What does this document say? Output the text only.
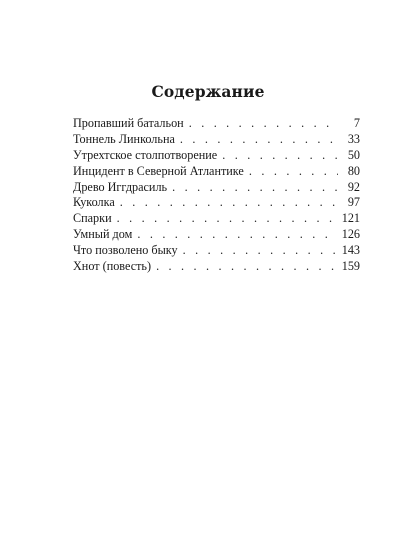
Содержание
Пропавший батальон . . .	7
Тоннель Линкольна . . .	33
Утрехтское столпотворение . . .	50
Инцидент в Северной Атлантике . . .	80
Древо Иггдрасиль . . .	92
Куколка . . .	97
Спарки . . .	121
Умный дом . . .	126
Что позволено быку . . .	143
Хнот (повесть) . . .	159
